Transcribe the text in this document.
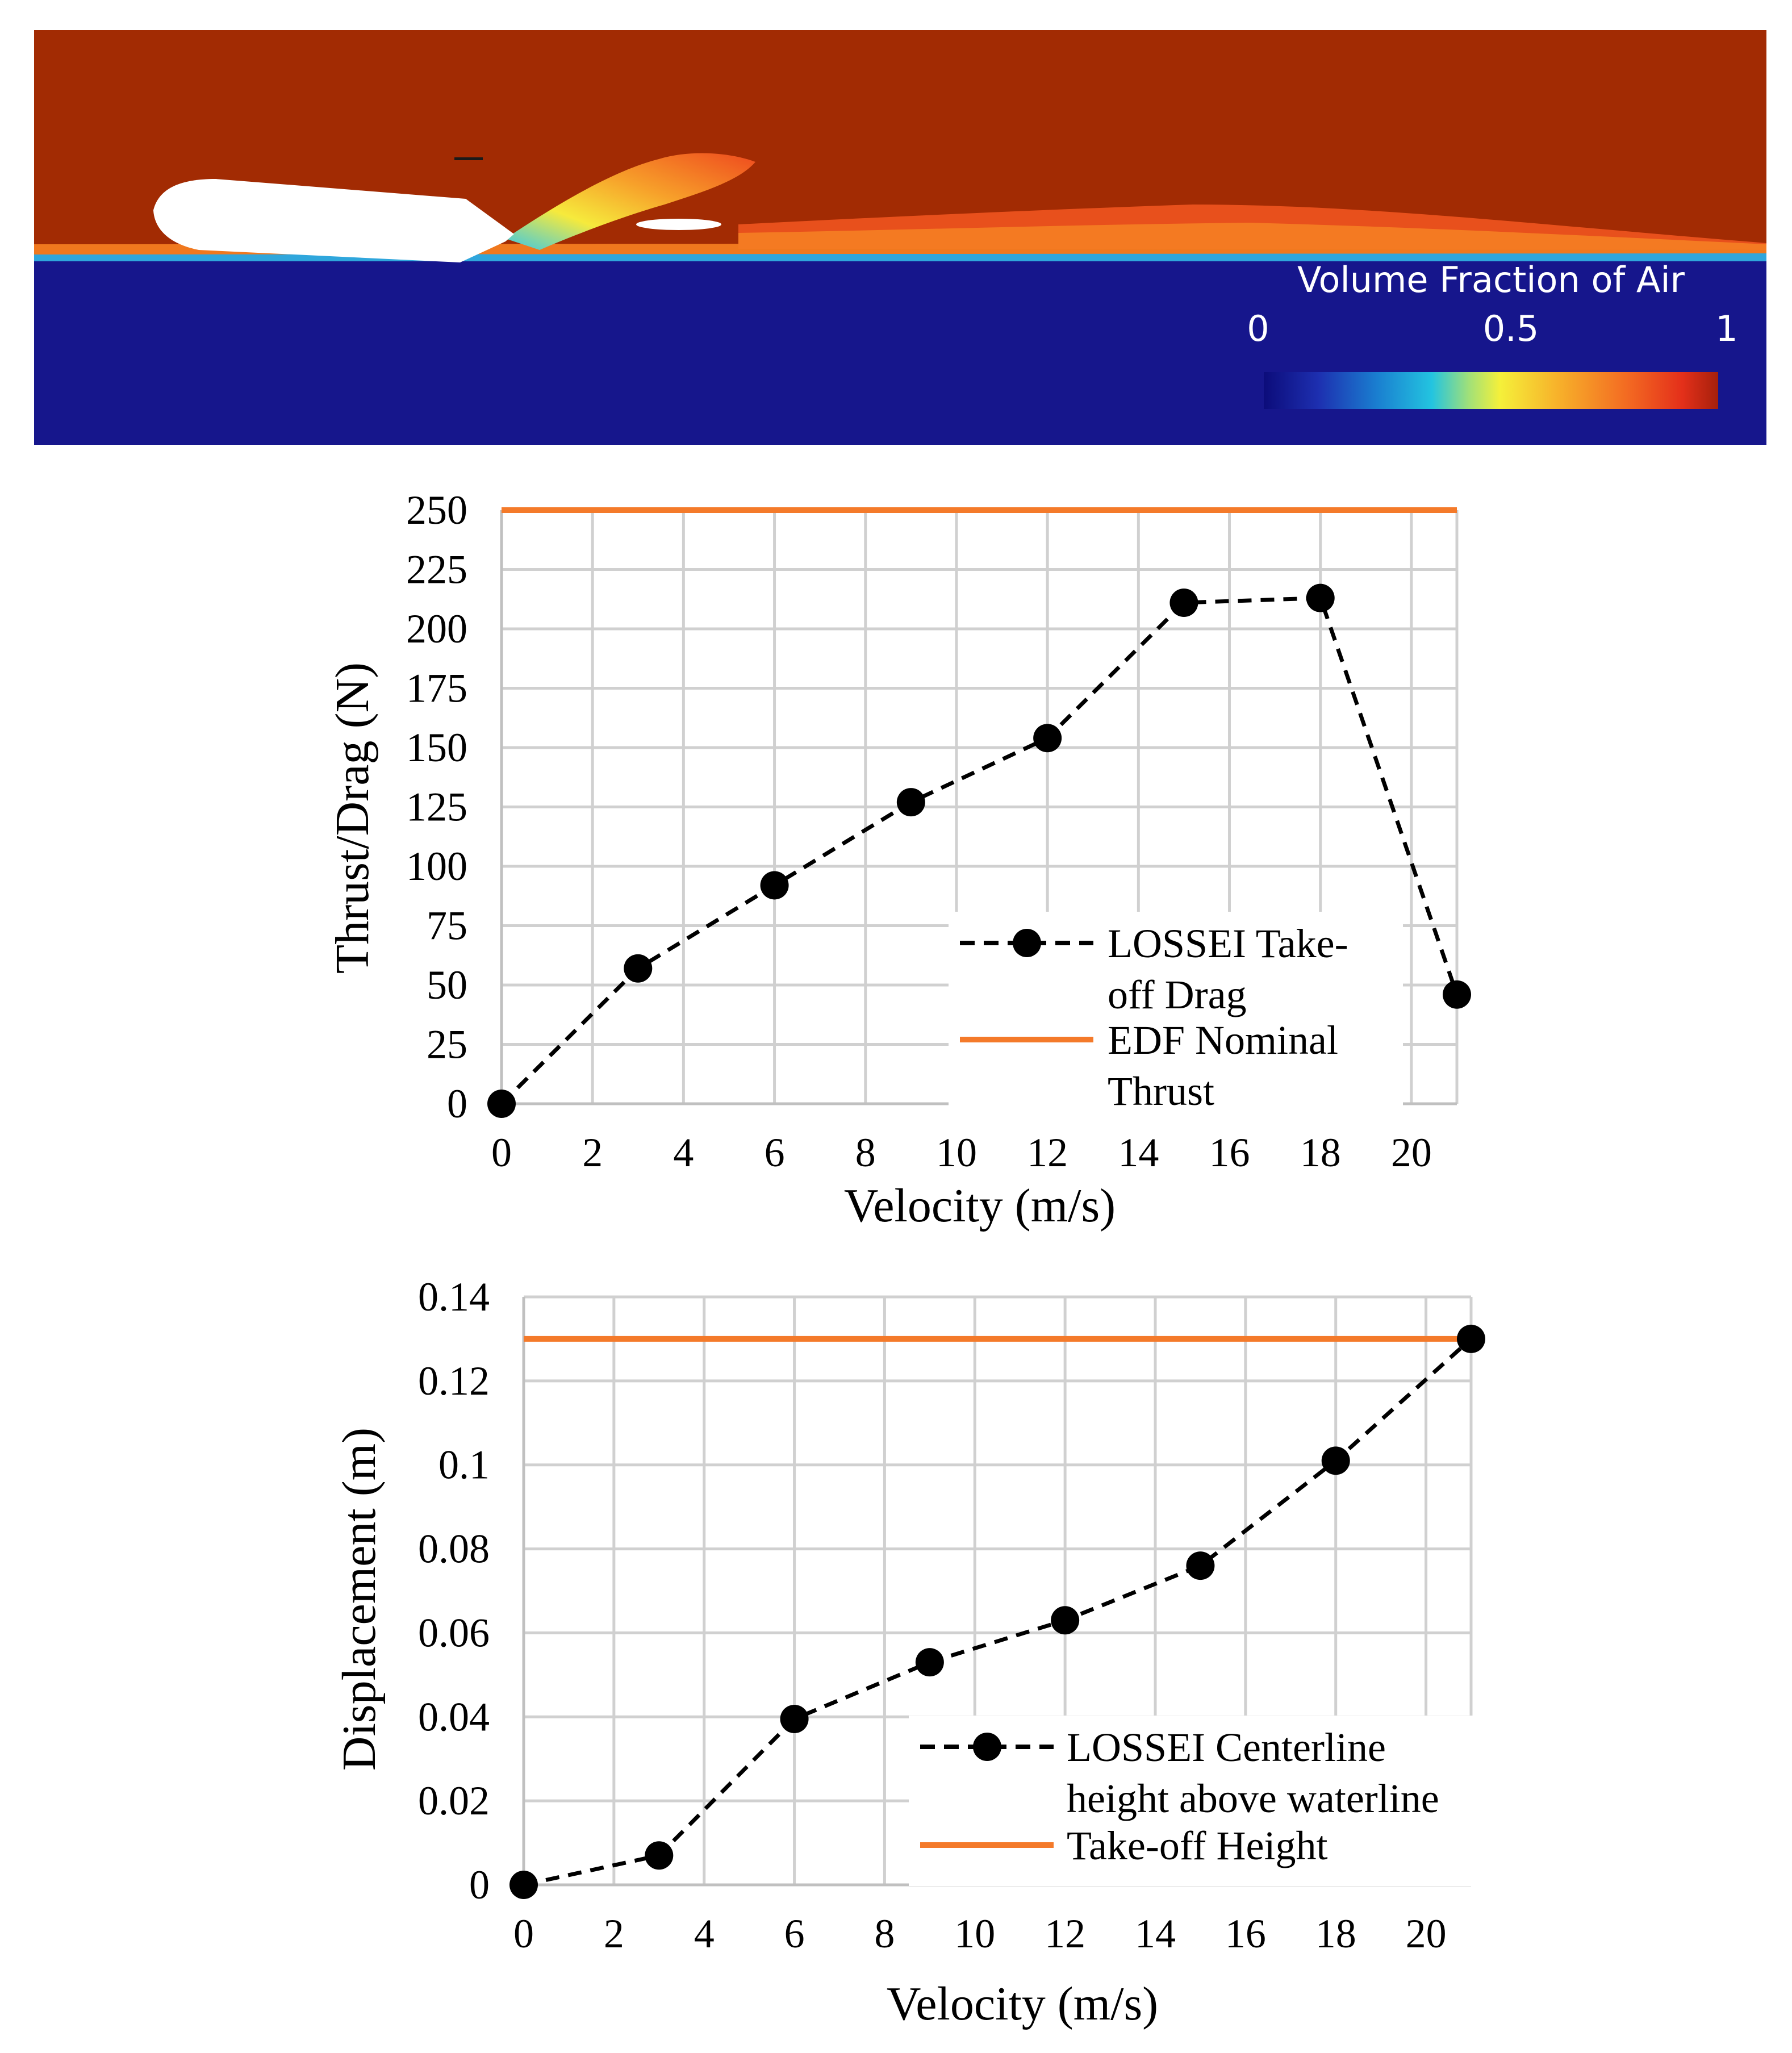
Volume Fraction of Air
0	0.5	1
0 2 4 6 8 10 12 14 16 18 20
0
25
50
75
100
125
150
175
200
225
250
Velocity (m/s)
Thrust/Drag (N)	LOSSEI Take- off Drag
EDF Nominal Thrust
0 2 4 6 8 10 12 14 16 18 20
0
0.02
0.04
0.06
0.08
0.1
0.12
0.14
Velocity (m/s)
Displacement (m)	LOSSEI Centerline height above waterline
Take-off Height
